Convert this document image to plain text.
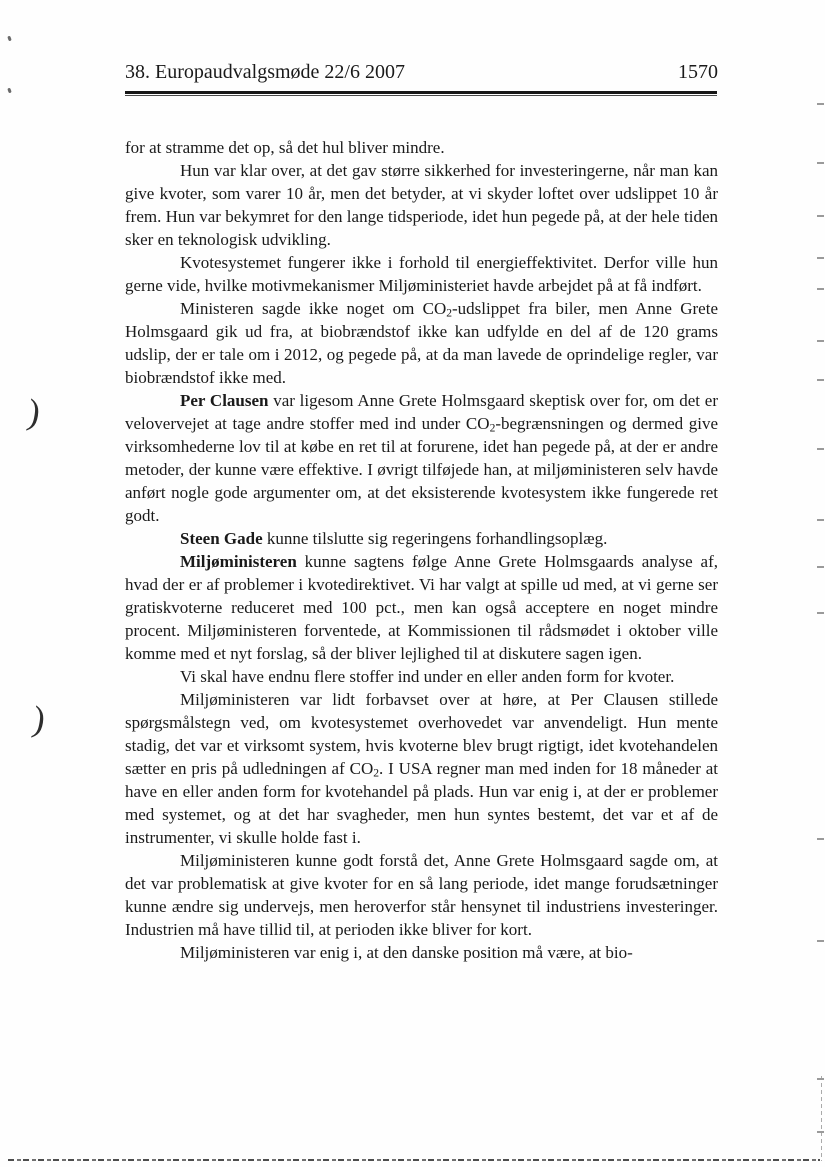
38. Europaudvalgsmøde 22/6 2007	1570

for at stramme det op, så det hul bliver mindre.

Hun var klar over, at det gav større sikkerhed for investeringerne, når man kan give kvoter, som varer 10 år, men det betyder, at vi skyder loftet over udslippet 10 år frem. Hun var bekymret for den lange tidsperiode, idet hun pegede på, at der hele tiden sker en teknologisk udvikling.

Kvotesystemet fungerer ikke i forhold til energieffektivitet. Derfor ville hun gerne vide, hvilke motivmekanismer Miljøministeriet havde arbejdet på at få indført.

Ministeren sagde ikke noget om $CO_2$-udslippet fra biler, men Anne Grete Holmsgaard gik ud fra, at biobrændstof ikke kan udfylde en del af de 120 grams udslip, der er tale om i 2012, og pegede på, at da man lavede de oprindelige regler, var biobrændstof ikke med.

Per Clausen var ligesom Anne Grete Holmsgaard skeptisk over for, om det er velovervejet at tage andre stoffer med ind under $CO_2$-begrænsningen og dermed give virksomhederne lov til at købe en ret til at forurene, idet han pegede på, at der er andre metoder, der kunne være effektive. I øvrigt tilføjede han, at miljøministeren selv havde anført nogle gode argumenter om, at det eksisterende kvotesystem ikke fungerede ret godt.

Steen Gade kunne tilslutte sig regeringens forhandlingsoplæg.

Miljøministeren kunne sagtens følge Anne Grete Holmsgaards analyse af, hvad der er af problemer i kvotedirektivet. Vi har valgt at spille ud med, at vi gerne ser gratiskvoterne reduceret med 100 pct., men kan også acceptere en noget mindre procent. Miljøministeren forventede, at Kommissionen til rådsmødet i oktober ville komme med et nyt forslag, så der bliver lejlighed til at diskutere sagen igen.

Vi skal have endnu flere stoffer ind under en eller anden form for kvoter.

Miljøministeren var lidt forbavset over at høre, at Per Clausen stillede spørgsmålstegn ved, om kvotesystemet overhovedet var anvendeligt. Hun mente stadig, det var et virksomt system, hvis kvoterne blev brugt rigtigt, idet kvotehandelen sætter en pris på udledningen af $CO_2$. I USA regner man med inden for 18 måneder at have en eller anden form for kvotehandel på plads. Hun var enig i, at der er problemer med systemet, og at det har svagheder, men hun syntes bestemt, det var et af de instrumenter, vi skulle holde fast i.

Miljøministeren kunne godt forstå det, Anne Grete Holmsgaard sagde om, at det var problematisk at give kvoter for en så lang periode, idet mange forudsætninger kunne ændre sig undervejs, men heroverfor står hensynet til industriens investeringer. Industrien må have tillid til, at perioden ikke bliver for kort.

Miljøministeren var enig i, at den danske position må være, at bio-

)
)
